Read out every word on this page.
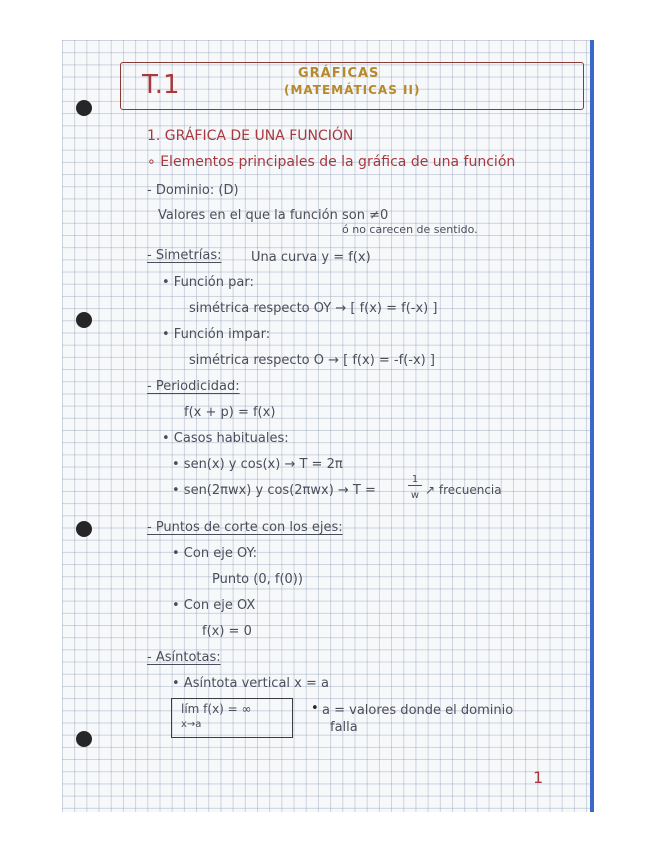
T.1	GRÁFICAS
(MATEMÁTICAS II)
1. GRÁFICA DE UNA FUNCIÓN
∘ Elementos principales de la gráfica de una función
- Dominio: (D)
Valores en el que la función son ≠0
ó no carecen de sentido.
- Simetrías: Una curva y = f(x)
• Función par:
simétrica respecto OY → [ f(x) = f(-x) ]
• Función impar:
simétrica respecto O → [ f(x) = -f(-x) ]
- Periodicidad:
f(x + p) = f(x)
• Casos habituales:
• sen(x) y cos(x) → T = 2π
• sen(2πwx) y cos(2πwx) → T =
1
w ↗ frecuencia
- Puntos de corte con los ejes:
• Con eje OY:
Punto (0, f(0))
• Con eje OX
f(x) = 0
- Asíntotas:
• Asíntota vertical x = a
lím f(x) = ∞
x→a
• a = valores donde el dominio
falla
1
